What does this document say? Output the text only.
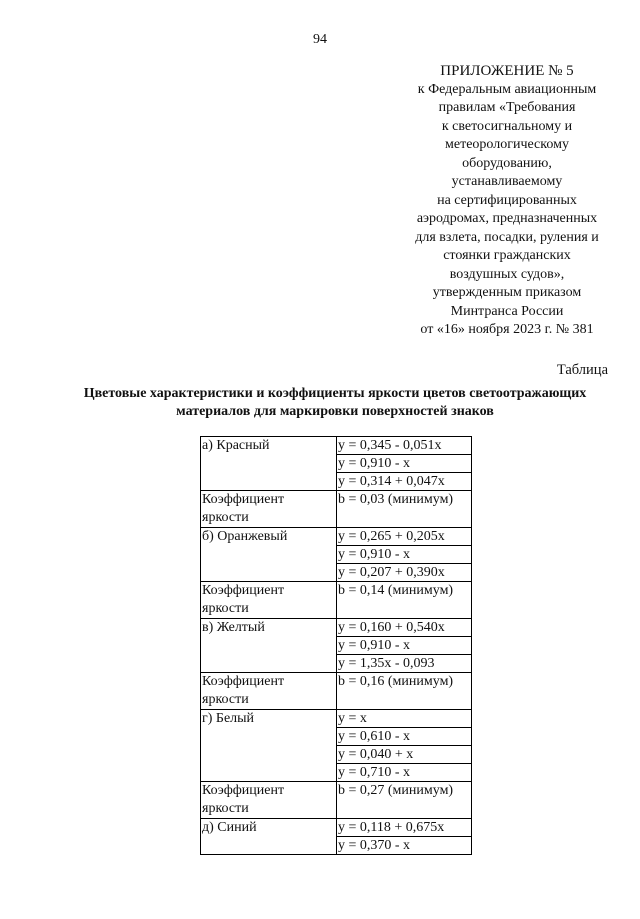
94
ПРИЛОЖЕНИЕ № 5
к Федеральным авиационным
правилам «Требования
к светосигнальному и
метеорологическому
оборудованию,
устанавливаемому
на сертифицированных
аэродромах, предназначенных
для взлета, посадки, руления и
стоянки гражданских
воздушных судов»,
утвержденным приказом
Минтранса России
от «16» ноября 2023 г. № 381
Таблица
Цветовые характеристики и коэффициенты яркости цветов светоотражающих
материалов для маркировки поверхностей знаков
а) Красный	y = 0,345 - 0,051x
	y = 0,910 - x
	y = 0,314 + 0,047x

Коэффициент
яркости	b = 0,03 (минимум)
б) Оранжевый	y = 0,265 + 0,205x
	y = 0,910 - x
	y = 0,207 + 0,390x

Коэффициент
яркости	b = 0,14 (минимум)
в) Желтый	y = 0,160 + 0,540x
	y = 0,910 - x
	y = 1,35x - 0,093

Коэффициент
яркости	b = 0,16 (минимум)
г) Белый	y = x
	y = 0,610 - x
	y = 0,040 + x
	y = 0,710 - x

Коэффициент
яркости	b = 0,27 (минимум)
д) Синий	y = 0,118 + 0,675x
	y = 0,370 - x
